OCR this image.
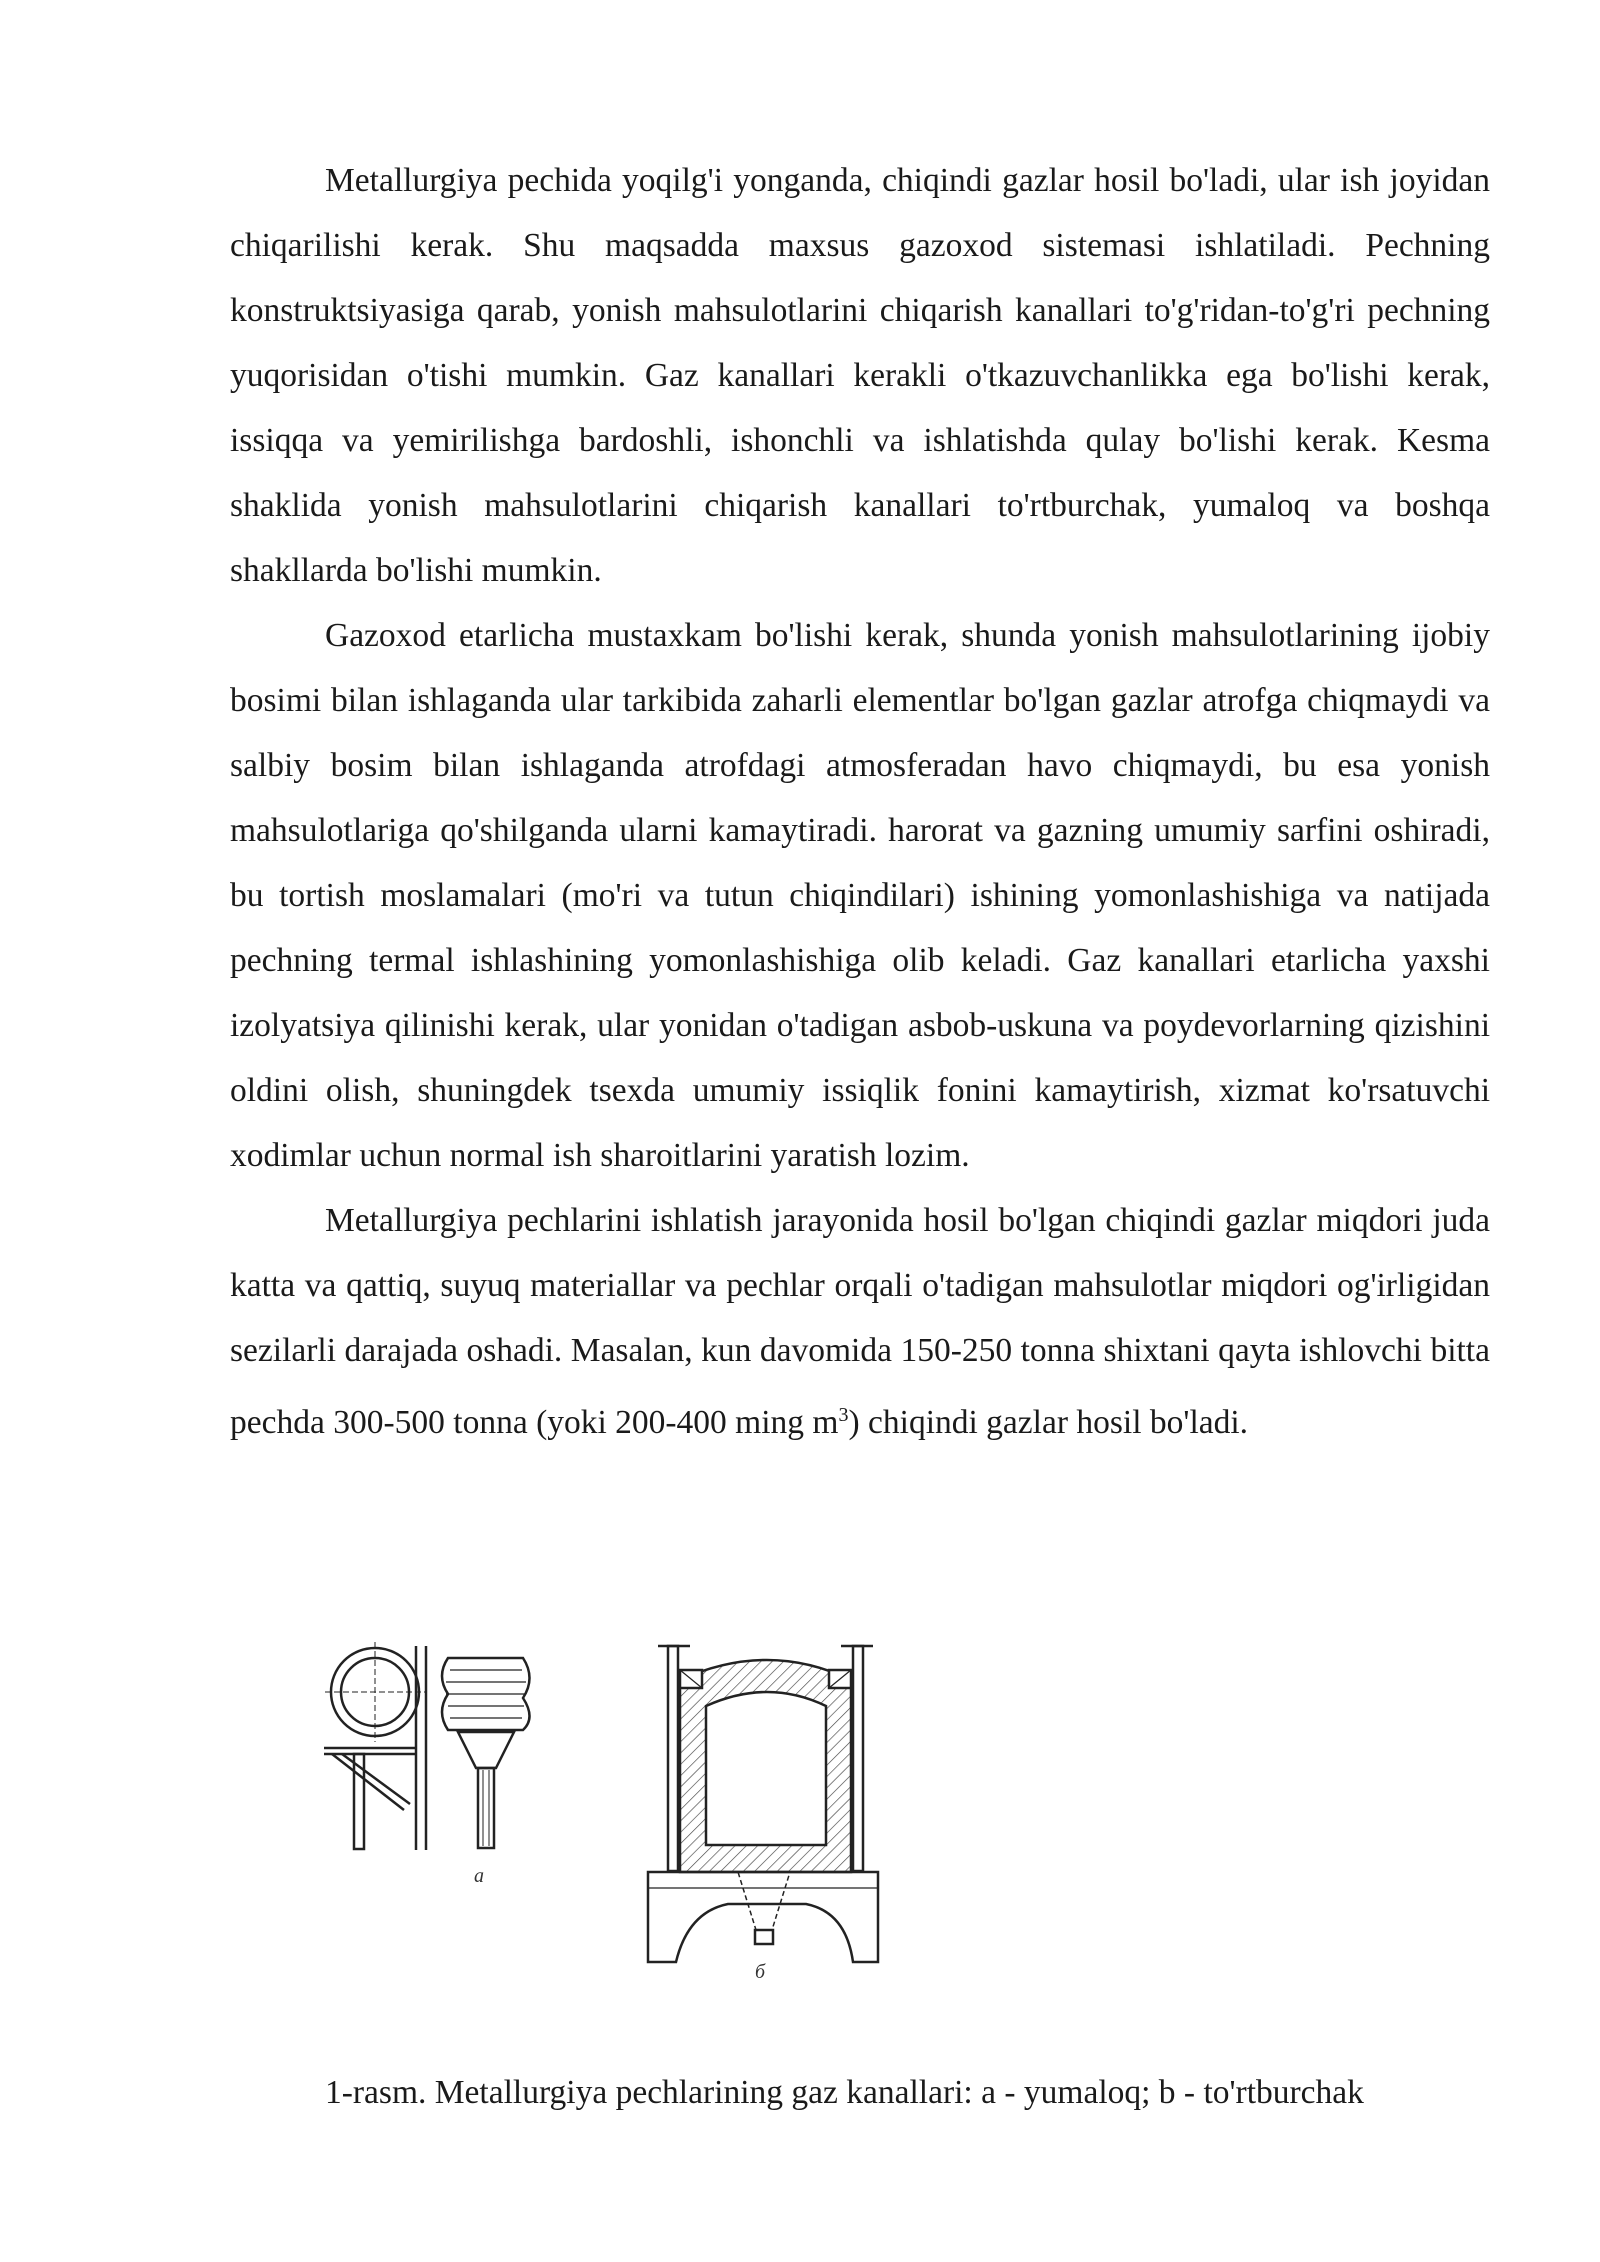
Metallurgiya pechida yoqilg'i yonganda, chiqindi gazlar hosil bo'ladi, ular ish joyidan chiqarilishi kerak. Shu maqsadda maxsus gazoxod sistemasi ishlatiladi. Pechning konstruktsiyasiga qarab, yonish mahsulotlarini chiqarish kanallari to'g'ridan-to'g'ri pechning yuqorisidan o'tishi mumkin. Gaz kanallari kerakli o'tkazuvchanlikka ega bo'lishi kerak, issiqqa va yemirilishga bardoshli, ishonchli va ishlatishda qulay bo'lishi kerak. Kesma shaklida yonish mahsulotlarini chiqarish kanallari to'rtburchak, yumaloq va boshqa shakllarda bo'lishi mumkin.

Gazoxod etarlicha mustaxkam bo'lishi kerak, shunda yonish mahsulotlarining ijobiy bosimi bilan ishlaganda ular tarkibida zaharli elementlar bo'lgan gazlar atrofga chiqmaydi va salbiy bosim bilan ishlaganda atrofdagi atmosferadan havo chiqmaydi, bu esa yonish mahsulotlariga qo'shilganda ularni kamaytiradi. harorat va gazning umumiy sarfini oshiradi, bu tortish moslamalari (mo'ri va tutun chiqindilari) ishining yomonlashishiga va natijada pechning termal ishlashining yomonlashishiga olib keladi. Gaz kanallari etarlicha yaxshi izolyatsiya qilinishi kerak, ular yonidan o'tadigan asbob-uskuna va poydevorlarning qizishini oldini olish, shuningdek tsexda umumiy issiqlik fonini kamaytirish, xizmat ko'rsatuvchi xodimlar uchun normal ish sharoitlarini yaratish lozim.

Metallurgiya pechlarini ishlatish jarayonida hosil bo'lgan chiqindi gazlar miqdori juda katta va qattiq, suyuq materiallar va pechlar orqali o'tadigan mahsulotlar miqdori og'irligidan sezilarli darajada oshadi. Masalan, kun davomida 150-250 tonna shixtani qayta ishlovchi bitta pechda 300-500 tonna (yoki 200-400 ming $m^3$) chiqindi gazlar hosil bo'ladi.

a
б
1-rasm. Metallurgiya pechlarining gaz kanallari: a - yumaloq; b - to'rtburchak
